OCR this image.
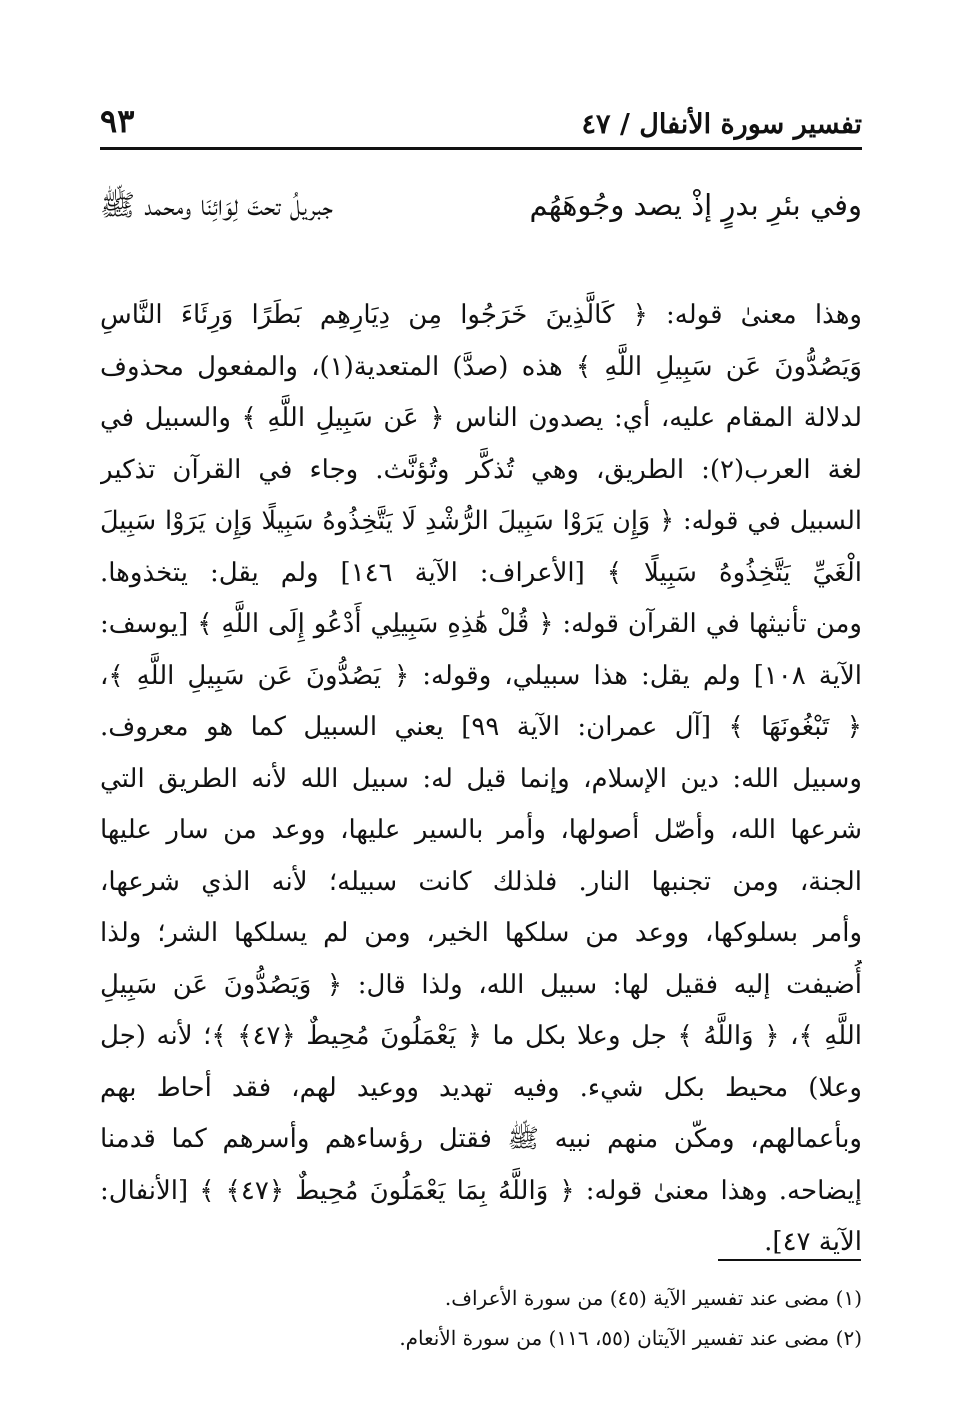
تفسير سورة الأنفال / ٤٧
٩٣
وفي بئرِ بدرٍ إذْ يصد وجُوهَهُم
جبريلُ تحتَ لِوَائِنَا ومحمد ﷺ
وهذا معنىٰ قوله: ﴿ كَالَّذِينَ خَرَجُوا مِن دِيَارِهِم بَطَرًا وَرِئَاءَ النَّاسِ
وَيَصُدُّونَ عَن سَبِيلِ اللَّهِ ﴾ هذه (صدَّ) المتعدية(١)، والمفعول محذوف
لدلالة المقام عليه، أي: يصدون الناس ﴿ عَن سَبِيلِ اللَّهِ ﴾ والسبيل في
لغة العرب(٢): الطريق، وهي تُذكَّر وتُؤنَّث. وجاء في القرآن تذكير
السبيل في قوله: ﴿ وَإِن يَرَوْا سَبِيلَ الرُّشْدِ لَا يَتَّخِذُوهُ سَبِيلًا وَإِن يَرَوْا سَبِيلَ
الْغَيِّ يَتَّخِذُوهُ سَبِيلًا ﴾ [الأعراف: الآية ١٤٦] ولم يقل: يتخذوها.
ومن تأنيثها في القرآن قوله: ﴿ قُلْ هَٰذِهِ سَبِيلِي أَدْعُو إِلَى اللَّهِ ﴾ [يوسف:
الآية ١٠٨] ولم يقل: هذا سبيلي، وقوله: ﴿ يَصُدُّونَ عَن سَبِيلِ اللَّهِ ﴾،
﴿ تَبْغُونَهَا ﴾ [آل عمران: الآية ٩٩] يعني السبيل كما هو معروف.
وسبيل الله: دين الإسلام، وإنما قيل له: سبيل الله لأنه الطريق التي
شرعها الله، وأصّل أصولها، وأمر بالسير عليها، ووعد من سار عليها
الجنة، ومن تجنبها النار. فلذلك كانت سبيله؛ لأنه الذي شرعها،
وأمر بسلوكها، ووعد من سلكها الخير، ومن لم يسلكها الشر؛ ولذا
أُضيفت إليه فقيل لها: سبيل الله، ولذا قال: ﴿ وَيَصُدُّونَ عَن سَبِيلِ
اللَّهِ ﴾، ﴿ وَاللَّهُ ﴾ جل وعلا بكل ما ﴿ يَعْمَلُونَ مُحِيطٌ ﴿٤٧﴾ ﴾؛ لأنه (جل
وعلا) محيط بكل شيء. وفيه تهديد ووعيد لهم، فقد أحاط بهم
وبأعمالهم، ومكّن منهم نبيه ﷺ فقتل رؤساءهم وأسرهم كما قدمنا
إيضاحه. وهذا معنىٰ قوله: ﴿ وَاللَّهُ بِمَا يَعْمَلُونَ مُحِيطٌ ﴿٤٧﴾ ﴾ [الأنفال:
الآية ٤٧].
(١) مضى عند تفسير الآية (٤٥) من سورة الأعراف.
(٢) مضى عند تفسير الآيتان (٥٥، ١١٦) من سورة الأنعام.
